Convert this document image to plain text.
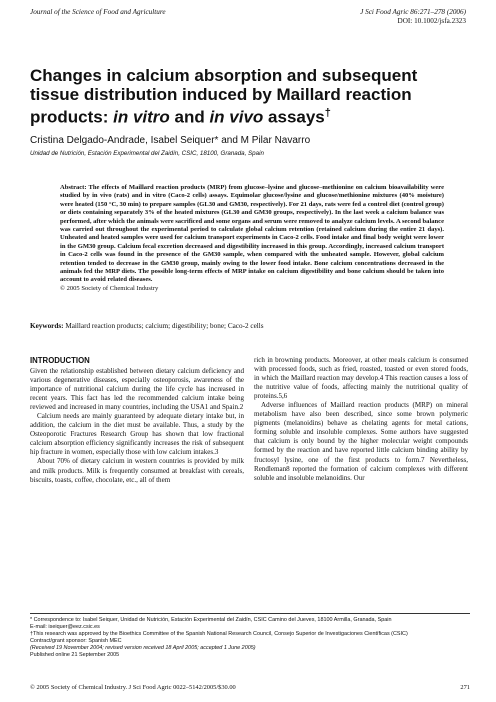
Journal of the Science of Food and Agriculture	J Sci Food Agric 86:271–278 (2006)
DOI: 10.1002/jsfa.2323
Changes in calcium absorption and subsequent tissue distribution induced by Maillard reaction products: in vitro and in vivo assays†
Cristina Delgado-Andrade, Isabel Seiquer* and M Pilar Navarro
Unidad de Nutrición, Estación Experimental del Zaidín, CSIC, 18100, Granada, Spain
Abstract: The effects of Maillard reaction products (MRP) from glucose–lysine and glucose–methionine on calcium bioavailability were studied by in vivo (rats) and in vitro (Caco-2 cells) assays. Equimolar glucose/lysine and glucose/methionine mixtures (40% moisture) were heated (150 °C, 30 min) to prepare samples (GL30 and GM30, respectively). For 21 days, rats were fed a control diet (control group) or diets containing separately 3% of the heated mixtures (GL30 and GM30 groups, respectively). In the last week a calcium balance was performed, after which the animals were sacrificed and some organs and serum were removed to analyze calcium levels. A second balance was carried out throughout the experimental period to calculate global calcium retention (retained calcium during the entire 21 days). Unheated and heated samples were used for calcium transport experiments in Caco-2 cells. Food intake and final body weight were lower in the GM30 group. Calcium fecal excretion decreased and digestibility increased in this group. Accordingly, increased calcium transport in Caco-2 cells was found in the presence of the GM30 sample, when compared with the unheated sample. However, global calcium retention tended to decrease in the GM30 group, mainly owing to the lower food intake. Bone calcium concentrations decreased in the animals fed the MRP diets. The possible long-term effects of MRP intake on calcium digestibility and bone calcium should be taken into account to avoid related diseases.
© 2005 Society of Chemical Industry
Keywords: Maillard reaction products; calcium; digestibility; bone; Caco-2 cells
INTRODUCTION

Given the relationship established between dietary calcium deficiency and various degenerative diseases, especially osteoporosis, awareness of the importance of nutritional calcium during the life cycle has increased in recent years. This fact has led the recommended calcium intake being reviewed and increased in many countries, including the USA1 and Spain.2

Calcium needs are mainly guaranteed by adequate dietary intake but, in addition, the calcium in the diet must be available. Thus, a study by the Osteoporotic Fractures Research Group has shown that low fractional calcium absorption efficiency significantly increases the risk of subsequent hip fracture in women, especially those with low calcium intakes.3

About 70% of dietary calcium in western countries is provided by milk and milk products. Milk is frequently consumed at breakfast with cereals, biscuits, toasts, coffee, chocolate, etc., all of them

rich in browning products. Moreover, at other meals calcium is consumed with processed foods, such as fried, roasted, toasted or even stored foods, in which the Maillard reaction may develop.4 This reaction causes a loss of the nutritive value of foods, affecting mainly the nutritional quality of proteins.5,6

Adverse influences of Maillard reaction products (MRP) on mineral metabolism have also been described, since some brown polymeric pigments (melanoidins) behave as chelating agents for metal cations, forming soluble and insoluble complexes. Some authors have suggested that calcium is only bound by the higher molecular weight compounds formed by the reaction and have reported little calcium binding ability by fructosyl lysine, one of the first products to form.7 Nevertheless, Rendleman8 reported the formation of calcium complexes with different soluble and insoluble melanoidins. Our

* Correspondence to: Isabel Seiquer, Unidad de Nutrición, Estación Experimental del Zaidín, CSIC Camino del Jueves, 18100 Armilla, Granada, Spain
E-mail: iseiquer@eez.csic.es
†This research was approved by the Bioethics Committee of the Spanish National Research Council, Consejo Superior de Investigaciones Científicas (CSIC)
Contract/grant sponsor: Spanish MEC
(Received 19 November 2004; revised version received 18 April 2005; accepted 1 June 2005)
Published online 21 September 2005
© 2005 Society of Chemical Industry. J Sci Food Agric 0022–5142/2005/$30.00	271
